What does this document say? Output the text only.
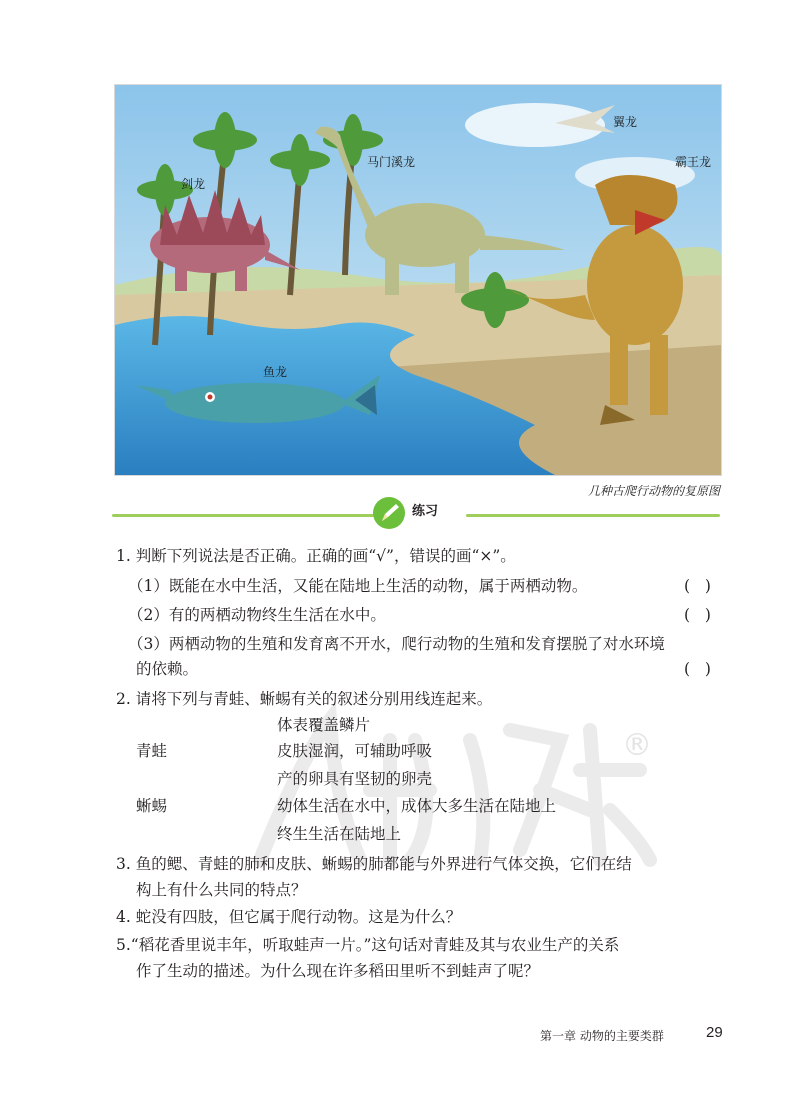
剑龙
马门溪龙
翼龙
霸王龙
鱼龙
几种古爬行动物的复原图
练习
®
1. 判断下列说法是否正确。正确的画“√”，错误的画“×”。
（1）既能在水中生活，又能在陆地上生活的动物，属于两栖动物。	(   )
（2）有的两栖动物终生生活在水中。	(   )
（3）两栖动物的生殖和发育离不开水，爬行动物的生殖和发育摆脱了对水环境
的依赖。	(   )
2. 请将下列与青蛙、蜥蜴有关的叙述分别用线连起来。
体表覆盖鳞片
青蛙	皮肤湿润，可辅助呼吸
产的卵具有坚韧的卵壳
蜥蜴	幼体生活在水中，成体大多生活在陆地上
终生生活在陆地上
3. 鱼的鳃、青蛙的肺和皮肤、蜥蜴的肺都能与外界进行气体交换，它们在结
构上有什么共同的特点？
4. 蛇没有四肢，但它属于爬行动物。这是为什么？
5.“稻花香里说丰年，听取蛙声一片。”这句话对青蛙及其与农业生产的关系
作了生动的描述。为什么现在许多稻田里听不到蛙声了呢？
第一章 动物的主要类群	29
